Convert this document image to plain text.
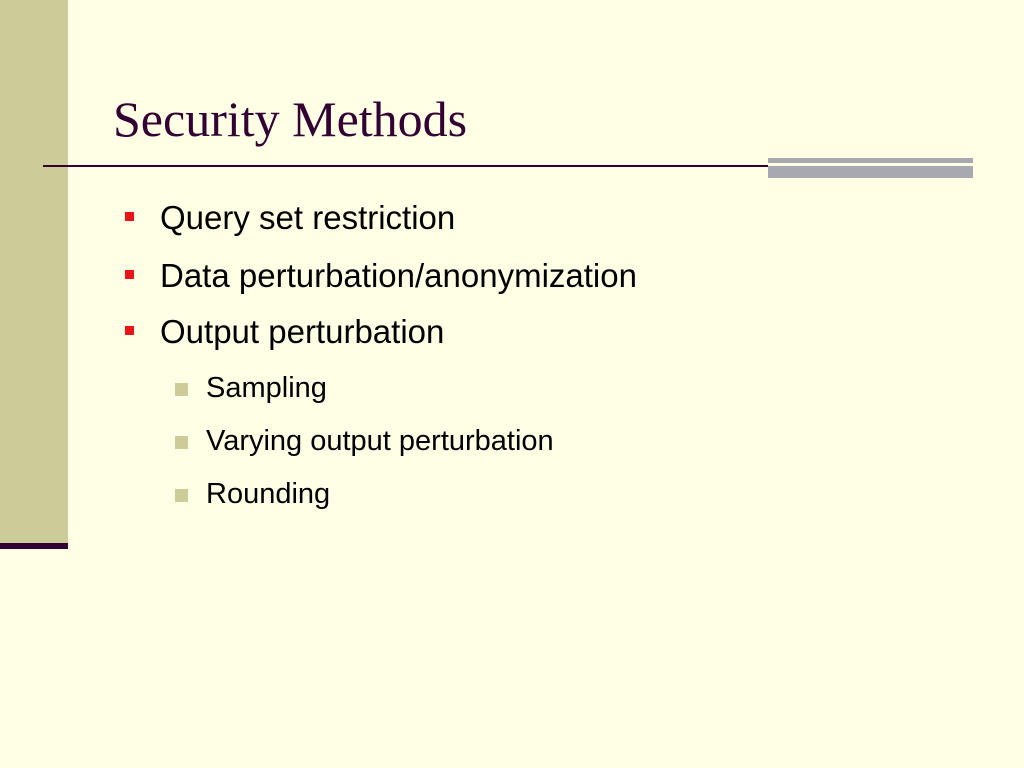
Security Methods
Query set restriction
Data perturbation/anonymization
Output perturbation
Sampling
Varying output perturbation
Rounding
